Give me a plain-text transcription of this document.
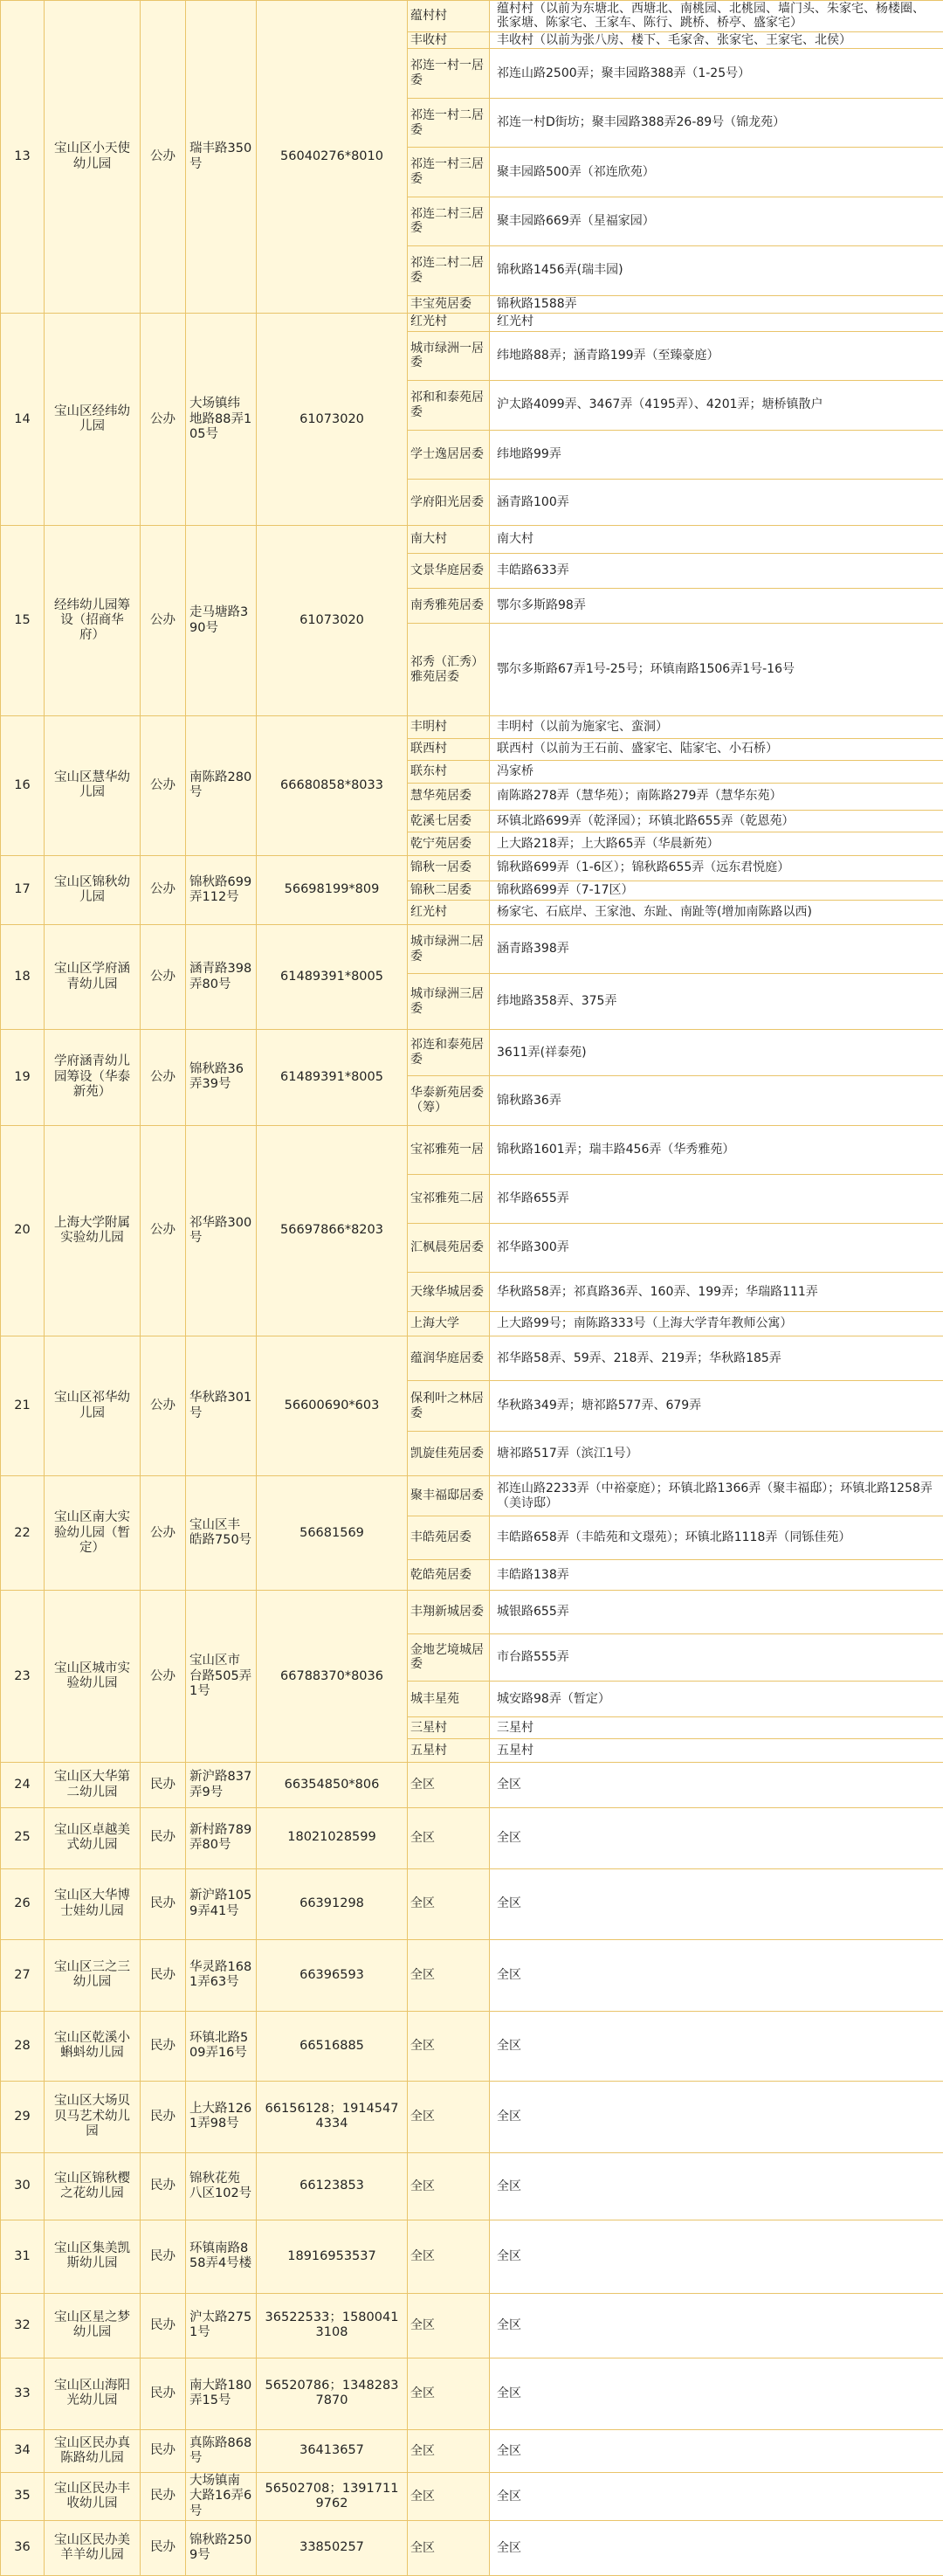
13	宝山区小天使幼儿园	公办	瑞丰路350号	56040276*8010	蕴村村	蕴村村（以前为东塘北、西塘北、南桃园、北桃园、墙门头、朱家宅、杨楼圈、张家塘、陈家宅、王家车、陈行、跳桥、桥亭、盛家宅）
					丰收村	丰收村（以前为张八房、楼下、毛家舍、张家宅、王家宅、北侯）
					祁连一村一居委	祁连山路2500弄；聚丰园路388弄（1-25号）
					祁连一村二居委	祁连一村D街坊；聚丰园路388弄26-89号（锦龙苑）
					祁连一村三居委	聚丰园路500弄（祁连欣苑）
					祁连二村三居委	聚丰园路669弄（星福家园）
					祁连二村二居委	锦秋路1456弄(瑞丰园)
					丰宝苑居委	锦秋路1588弄
14	宝山区经纬幼儿园	公办	大场镇纬地路88弄105号	61073020	红光村	红光村
					城市绿洲一居委	纬地路88弄；涵青路199弄（至臻豪庭）
					祁和和泰苑居委	沪太路4099弄、3467弄（4195弄）、4201弄；塘桥镇散户
					学士逸居居委	纬地路99弄
					学府阳光居委	涵青路100弄
15	经纬幼儿园筹设（招商华府）	公办	走马塘路390号	61073020	南大村	南大村
					文景华庭居委	丰皓路633弄
					南秀雅苑居委	鄂尔多斯路98弄
					祁秀（汇秀）雅苑居委	鄂尔多斯路67弄1号-25号；环镇南路1506弄1号-16号
16	宝山区慧华幼儿园	公办	南陈路280号	66680858*8033	丰明村	丰明村（以前为施家宅、蛮洞）
					联西村	联西村（以前为王石前、盛家宅、陆家宅、小石桥）
					联东村	冯家桥
					慧华苑居委	南陈路278弄（慧华苑）；南陈路279弄（慧华东苑）
					乾溪七居委	环镇北路699弄（乾泽园）；环镇北路655弄（乾恩苑）
					乾宁苑居委	上大路218弄；上大路65弄（华晨新苑）
17	宝山区锦秋幼儿园	公办	锦秋路699弄112号	56698199*809	锦秋一居委	锦秋路699弄（1-6区）；锦秋路655弄（远东君悦庭）
					锦秋二居委	锦秋路699弄（7-17区）
					红光村	杨家宅、石底岸、王家池、东趾、南趾等(增加南陈路以西)
18	宝山区学府涵青幼儿园	公办	涵青路398弄80号	61489391*8005	城市绿洲二居委	涵青路398弄
					城市绿洲三居委	纬地路358弄、375弄
19	学府涵青幼儿园筹设（华泰新苑）	公办	锦秋路36弄39号	61489391*8005	祁连和泰苑居委	3611弄(祥泰苑)
					华泰新苑居委（筹）	锦秋路36弄
20	上海大学附属实验幼儿园	公办	祁华路300号	56697866*8203	宝祁雅苑一居	锦秋路1601弄；瑞丰路456弄（华秀雅苑）
					宝祁雅苑二居	祁华路655弄
					汇枫晨苑居委	祁华路300弄
					天缘华城居委	华秋路58弄；祁真路36弄、160弄、199弄；华瑞路111弄
					上海大学	上大路99号；南陈路333号（上海大学青年教师公寓）
21	宝山区祁华幼儿园	公办	华秋路301号	56600690*603	蕴润华庭居委	祁华路58弄、59弄、218弄、219弄；华秋路185弄
					保利叶之林居委	华秋路349弄；塘祁路577弄、679弄
					凯旋佳苑居委	塘祁路517弄（滨江1号）
22	宝山区南大实验幼儿园（暂定）	公办	宝山区丰皓路750号	56681569	聚丰福邸居委	祁连山路2233弄（中裕豪庭）；环镇北路1366弄（聚丰福邸）；环镇北路1258弄（美诗邸）
					丰皓苑居委	丰皓路658弄（丰皓苑和文璟苑）；环镇北路1118弄（同铄佳苑）
					乾皓苑居委	丰皓路138弄
23	宝山区城市实验幼儿园	公办	宝山区市台路505弄1号	66788370*8036	丰翔新城居委	城银路655弄
					金地艺境城居委	市台路555弄
					城丰星苑	城安路98弄（暂定）
					三星村	三星村
					五星村	五星村
24	宝山区大华第二幼儿园	民办	新沪路837弄9号	66354850*806	全区	全区
25	宝山区卓越美式幼儿园	民办	新村路789弄80号	18021028599	全区	全区
26	宝山区大华博士娃幼儿园	民办	新沪路1059弄41号	66391298	全区	全区
27	宝山区三之三幼儿园	民办	华灵路1681弄63号	66396593	全区	全区
28	宝山区乾溪小蝌蚪幼儿园	民办	环镇北路509弄16号	66516885	全区	全区
29	宝山区大场贝贝马艺术幼儿园	民办	上大路1261弄98号	66156128；19145474334	全区	全区
30	宝山区锦秋樱之花幼儿园	民办	锦秋花苑八区102号	66123853	全区	全区
31	宝山区集美凯斯幼儿园	民办	环镇南路858弄4号楼	18916953537	全区	全区
32	宝山区星之梦幼儿园	民办	沪太路2751号	36522533；15800413108	全区	全区
33	宝山区山海阳光幼儿园	民办	南大路180弄15号	56520786；13482837870	全区	全区
34	宝山区民办真陈路幼儿园	民办	真陈路868号	36413657	全区	全区
35	宝山区民办丰收幼儿园	民办	大场镇南大路16弄6号	56502708；13917119762	全区	全区
36	宝山区民办美羊羊幼儿园	民办	锦秋路2509号	33850257	全区	全区
